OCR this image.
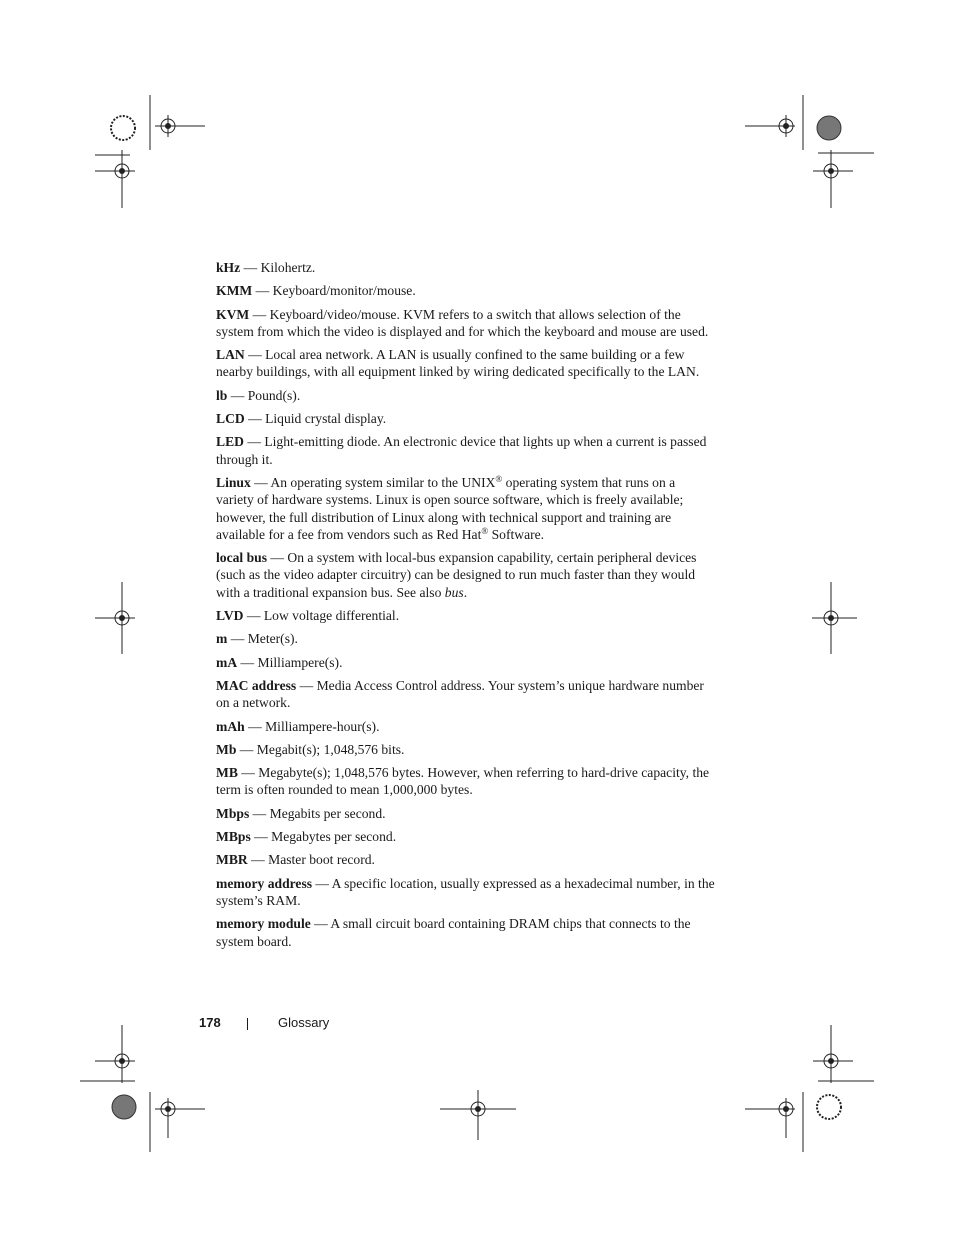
kHz — Kilohertz.

KMM — Keyboard/monitor/mouse.

KVM — Keyboard/video/mouse. KVM refers to a switch that allows selection of the system from which the video is displayed and for which the keyboard and mouse are used.

LAN — Local area network. A LAN is usually confined to the same building or a few nearby buildings, with all equipment linked by wiring dedicated specifically to the LAN.

lb — Pound(s).

LCD — Liquid crystal display.

LED — Light-emitting diode. An electronic device that lights up when a current is passed through it.

Linux — An operating system similar to the UNIX® operating system that runs on a variety of hardware systems. Linux is open source software, which is freely available; however, the full distribution of Linux along with technical support and training are available for a fee from vendors such as Red Hat® Software.

local bus — On a system with local-bus expansion capability, certain peripheral devices (such as the video adapter circuitry) can be designed to run much faster than they would with a traditional expansion bus. See also bus.

LVD — Low voltage differential.

m — Meter(s).

mA — Milliampere(s).

MAC address — Media Access Control address. Your system’s unique hardware number on a network.

mAh — Milliampere-hour(s).

Mb — Megabit(s); 1,048,576 bits.

MB — Megabyte(s); 1,048,576 bytes. However, when referring to hard-drive capacity, the term is often rounded to mean 1,000,000 bytes.

Mbps — Megabits per second.

MBps — Megabytes per second.

MBR — Master boot record.

memory address — A specific location, usually expressed as a hexadecimal number, in the system’s RAM.

memory module — A small circuit board containing DRAM chips that connects to the system board.

178	Glossary
